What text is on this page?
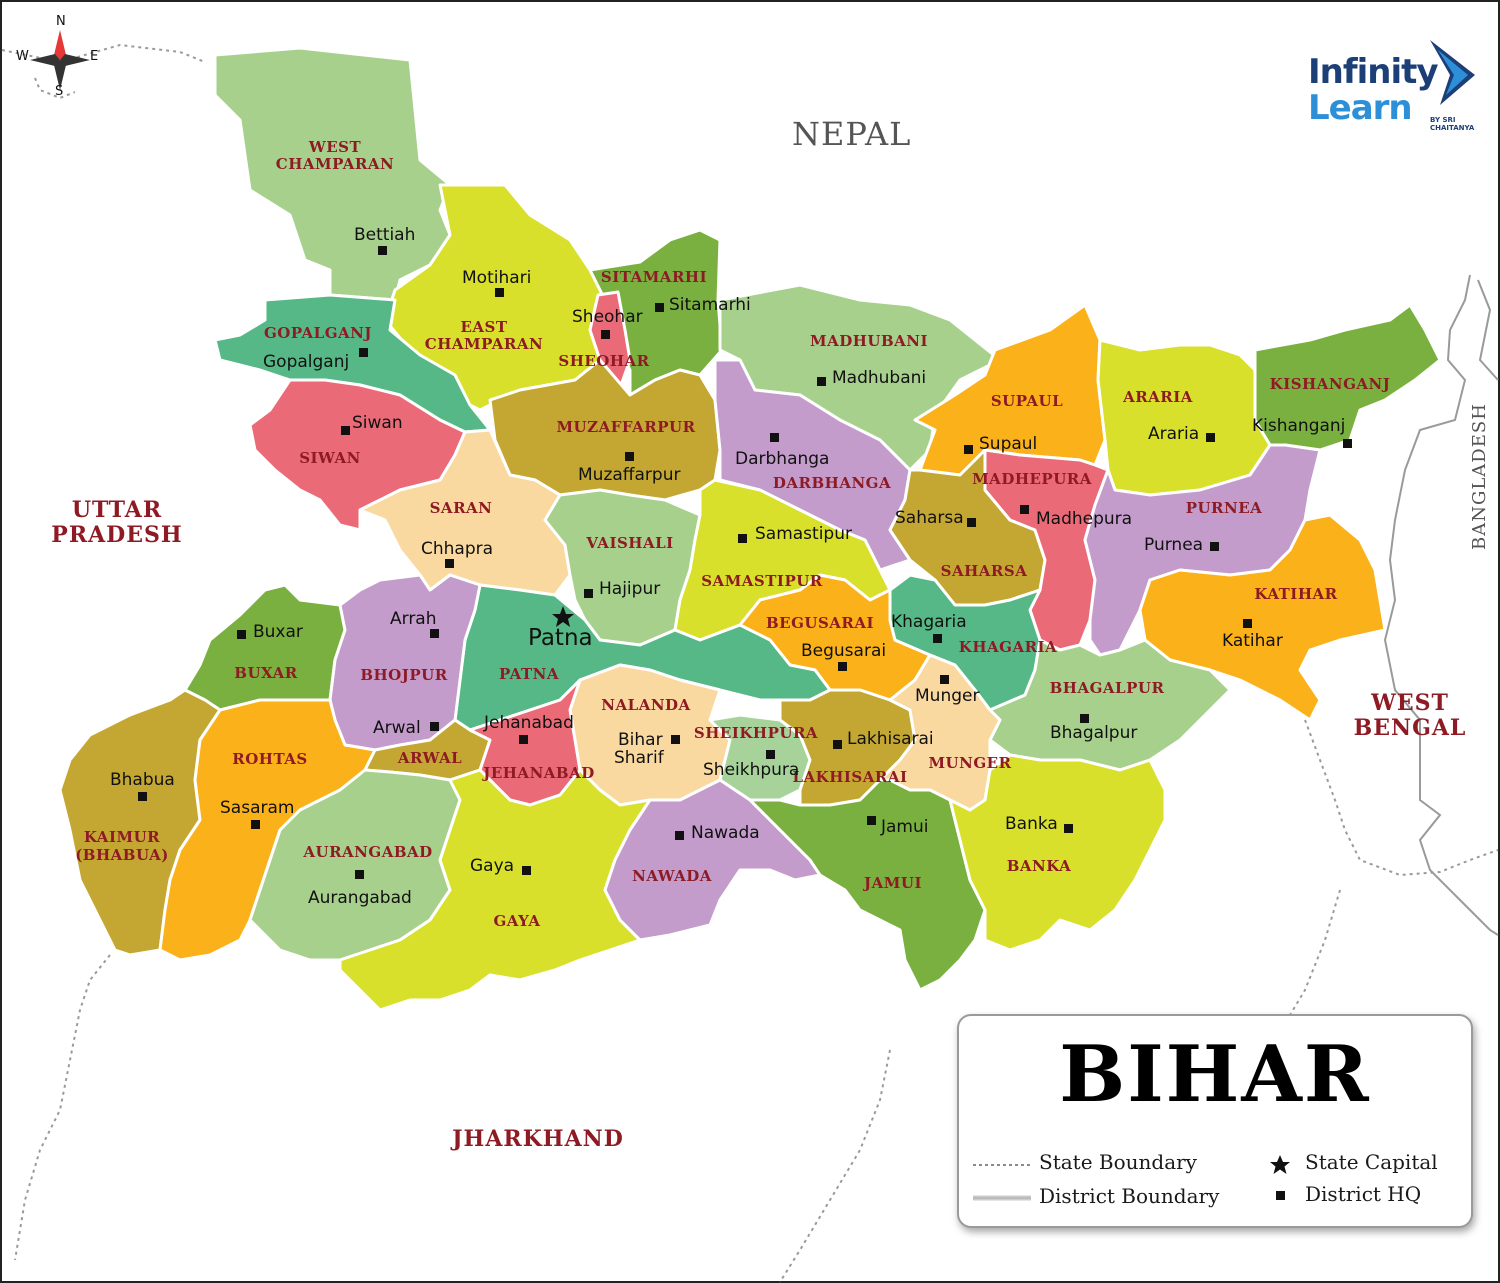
N
S
E
W
NEPAL
UTTAR
PRADESH
WEST
BENGAL
JHARKHAND
BANGLADESH
WEST
CHAMPARAN
EAST
CHAMPARAN
SITAMARHI
SHEOHAR
MADHUBANI
SUPAUL	ARARIA
KISHANGANJ
GOPALGANJ
SIWAN
MUZAFFARPUR
DARBHANGA	MADHEPURA
PURNEA
SARAN
VAISHALI
SAMASTIPUR
SAHARSA
KATIHAR
BEGUSARAI
KHAGARIA
BUXAR	BHOJPUR	PATNA
BHAGALPUR
NALANDA
SHEIKHPURA
LAKHISARAI
MUNGER
ROHTAS	ARWAL
JEHANABAD
KAIMUR
(BHABUA)	AURANGABAD
GAYA
NAWADA	JAMUI
BANKA
Bettiah
Motihari
Sitamarhi
Sheohar
Madhubani
Supaul	Araria	Kishanganj
Gopalganj
Siwan
Muzaffarpur
Darbhanga
Saharsa	Madhepura
Purnea
Chhapra
Hajipur
Samastipur
Katihar
Begusarai
Khagaria
Buxar
Arrah
Patna
Munger
Bhagalpur
Arwal	Jehanabad
Bihar
Sharif
Sheikhpura
Lakhisarai
Bhabua
Sasaram
Aurangabad
Gaya
Nawada	Jamui	Banka
Infinity
Learn	BY SRI CHAITANYA
BIHAR
State Boundary
District Boundary
State Capital
District HQ
